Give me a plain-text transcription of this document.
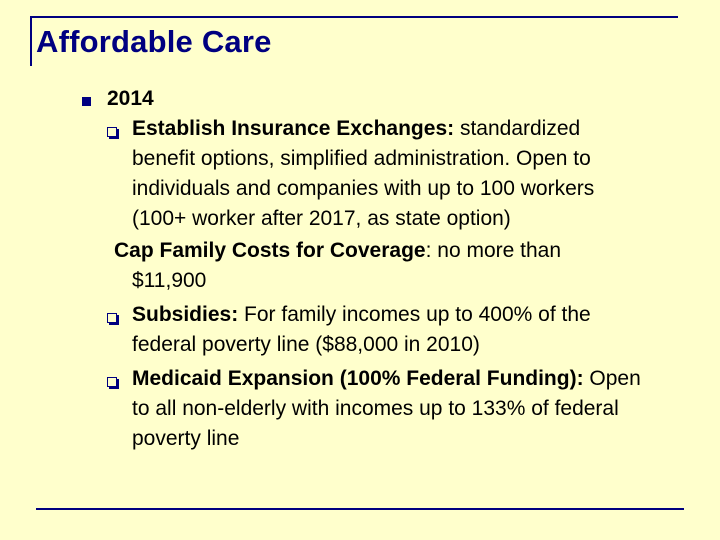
Affordable Care
2014
Establish Insurance Exchanges: standardized
benefit options, simplified administration. Open to
individuals and companies with up to 100 workers
(100+ worker after 2017, as state option)
Cap Family Costs for Coverage: no more than
$11,900
Subsidies: For family incomes up to 400% of the
federal poverty line ($88,000 in 2010)
Medicaid Expansion (100% Federal Funding): Open
to all non-elderly with incomes up to 133% of federal
poverty line
